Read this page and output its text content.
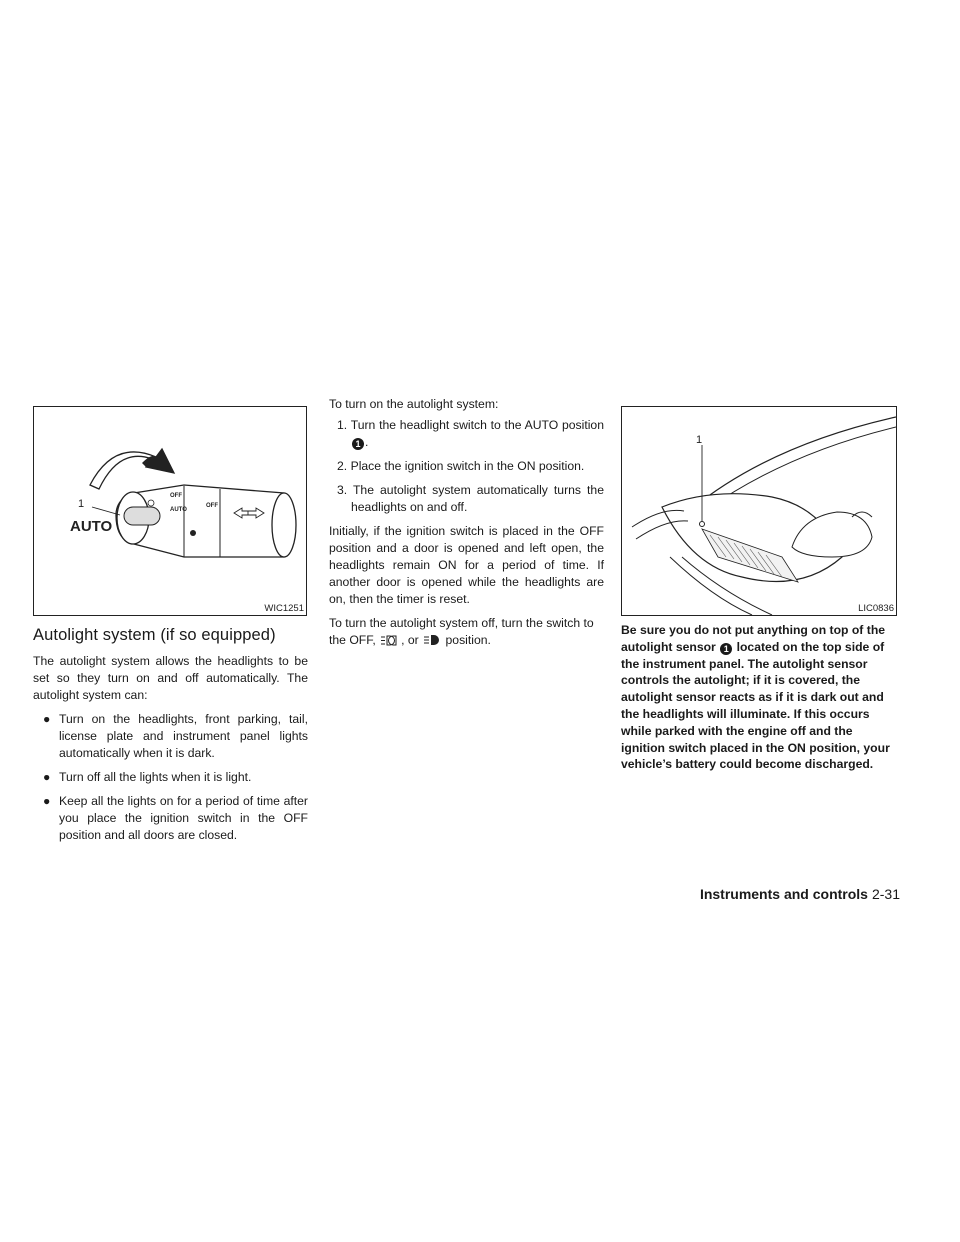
1
AUTO
OFF
AUTO
OFF
WIC1251
Autolight system (if so equipped)

The autolight system allows the headlights to be set so they turn on and off automatically. The autolight system can:

● Turn on the headlights, front parking, tail, license plate and instrument panel lights automatically when it is dark.
● Turn off all the lights when it is light.
● Keep all the lights on for a period of time after you place the ignition switch in the OFF position and all doors are closed.

To turn on the autolight system:

1. Turn the headlight switch to the AUTO position 1 .
2. Place the ignition switch in the ON position.
3. The autolight system automatically turns the headlights on and off.

Initially, if the ignition switch is placed in the OFF position and a door is opened and left open, the headlights remain ON for a period of time. If another door is opened while the headlights are on, then the timer is reset.

To turn the autolight system off, turn the switch to the OFF, , or position.

1
LIC0836
Be sure you do not put anything on top of the autolight sensor 1 located on the top side of the instrument panel. The autolight sensor controls the autolight; if it is covered, the autolight sensor reacts as if it is dark out and the headlights will illuminate. If this occurs while parked with the engine off and the ignition switch placed in the ON position, your vehicle’s battery could become discharged.
Instruments and controls 2-31
